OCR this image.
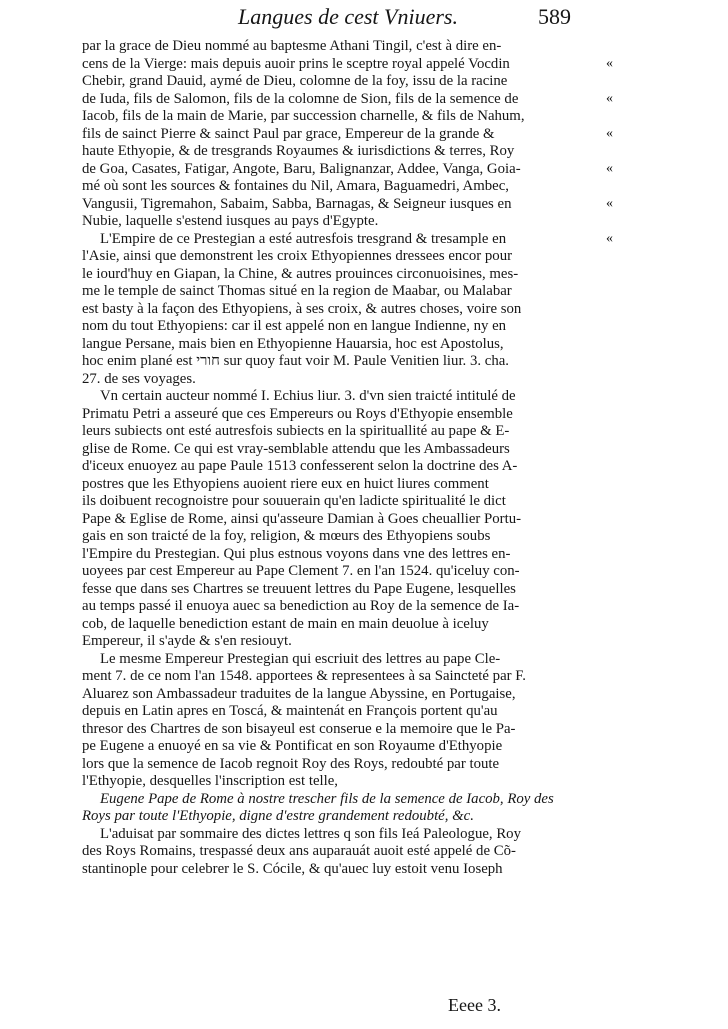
Langues de cest Vniuers.	589
par la grace de Dieu nommé au baptesme Athani Tingil, c'est à dire en-
cens de la Vierge: mais depuis auoir prins le sceptre royal appelé Vocdin
Chebir, grand Dauid, aymé de Dieu, colomne de la foy, issu de la racine
de Iuda, fils de Salomon, fils de la colomne de Sion, fils de la semence de
Iacob, fils de la main de Marie, par succession charnelle, & fils de Nahum,
fils de sainct Pierre & sainct Paul par grace, Empereur de la grande &
haute Ethyopie, & de tresgrands Royaumes & iurisdictions & terres, Roy
de Goa, Casates, Fatigar, Angote, Baru, Balignanzar, Addee, Vanga, Goia-
mé où sont les sources & fontaines du Nil, Amara, Baguamedri, Ambec,
Vangusii, Tigremahon, Sabaim, Sabba, Barnagas, & Seigneur iusques en
Nubie, laquelle s'estend iusques au pays d'Egypte.
L'Empire de ce Prestegian a esté autresfois tresgrand & tresample en
l'Asie, ainsi que demonstrent les croix Ethyopiennes dressees encor pour
le iourd'huy en Giapan, la Chine, & autres prouinces circonuoisines, mes-
me le temple de sainct Thomas situé en la region de Maabar, ou Malabar
est basty à la façon des Ethyopiens, à ses croix, & autres choses, voire son
nom du tout Ethyopiens: car il est appelé non en langue Indienne, ny en
langue Persane, mais bien en Ethyopienne Hauarsia, hoc est Apostolus,
hoc enim plané est חורי sur quoy faut voir M. Paule Venitien liur. 3. cha.
27. de ses voyages.
Vn certain aucteur nommé I. Echius liur. 3. d'vn sien traicté intitulé de
Primatu Petri a asseuré que ces Empereurs ou Roys d'Ethyopie ensemble
leurs subiects ont esté autresfois subiects en la spirituallité au pape & E-
glise de Rome. Ce qui est vray-semblable attendu que les Ambassadeurs
d'iceux enuoyez au pape Paule 1513 confesserent selon la doctrine des A-
postres que les Ethyopiens auoient riere eux en huict liures comment
ils doibuent recognoistre pour souuerain qu'en ladicte spiritualité le dict
Pape & Eglise de Rome, ainsi qu'asseure Damian à Goes cheuallier Portu-
gais en son traicté de la foy, religion, & mœurs des Ethyopiens soubs
l'Empire du Prestegian. Qui plus estnous voyons dans vne des lettres en-
uoyees par cest Empereur au Pape Clement 7. en l'an 1524. qu'iceluy con-
fesse que dans ses Chartres se treuuent lettres du Pape Eugene, lesquelles
au temps passé il enuoya auec sa benediction au Roy de la semence de Ia-
cob, de laquelle benediction estant de main en main deuolue à iceluy
Empereur, il s'ayde & s'en resiouyt.
Le mesme Empereur Prestegian qui escriuit des lettres au pape Cle-
ment 7. de ce nom l'an 1548. apportees & representees à sa Saincteté par F.
Aluarez son Ambassadeur traduites de la langue Abyssine, en Portugaise,
depuis en Latin apres en Toscá, & maintenát en François portent qu'au
thresor des Chartres de son bisayeul est conserue e la memoire que le Pa-
pe Eugene a enuoyé en sa vie & Pontificat en son Royaume d'Ethyopie
lors que la semence de Iacob regnoit Roy des Roys, redoubté par toute
l'Ethyopie, desquelles l'inscription est telle,
Eugene Pape de Rome à nostre trescher fils de la semence de Iacob, Roy des
Roys par toute l'Ethyopie, digne d'estre grandement redoubté, &c.
L'aduisat par sommaire des dictes lettres q son fils Ieá Paleologue, Roy
des Roys Romains, trespassé deux ans auparauát auoit esté appelé de Cõ-
stantinople pour celebrer le S. Cócile, & qu'auec luy estoit venu Ioseph
«
«
«
«
«
«
Eeee 3.
